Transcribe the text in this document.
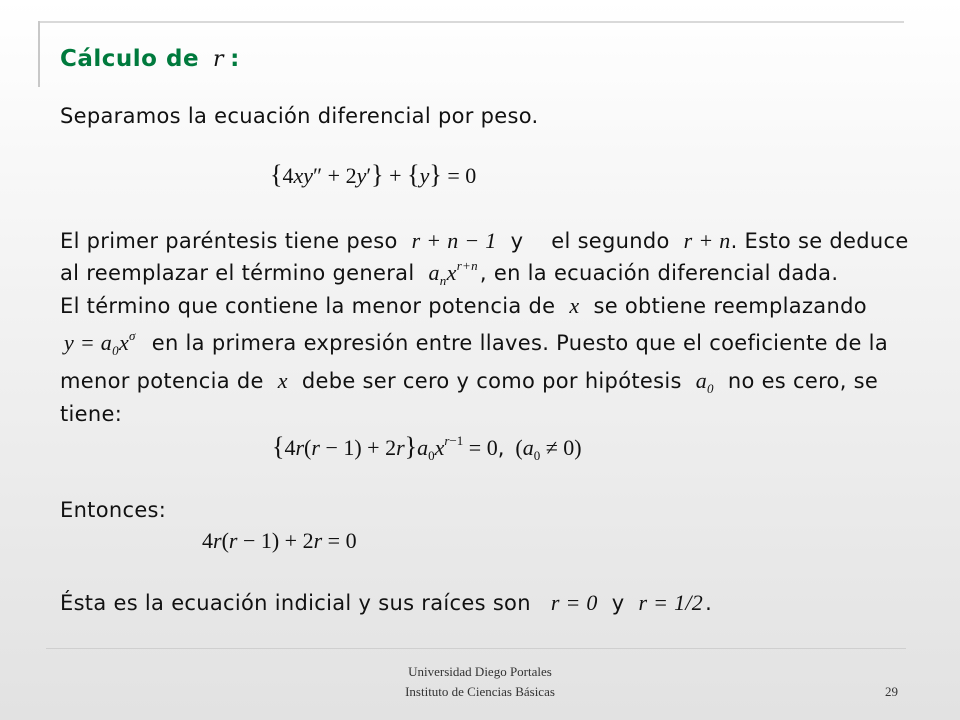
Cálculo de r :
Separamos la ecuación diferencial por peso.
{4xy″ + 2y′} + {y} = 0
El primer paréntesis tiene peso r + n − 1 y el segundo r + n. Esto se deduce
al reemplazar el término general $a_nx^{r+n}$, en la ecuación diferencial dada.
El término que contiene la menor potencia de x se obtiene reemplazando
$y = a_0x^\sigma$ en la primera expresión entre llaves. Puesto que el coeficiente de la
menor potencia de x debe ser cero y como por hipótesis $a_0$ no es cero, se
tiene:
$\{4r(r - 1) + 2r\}a_0x^{r-1} = 0$,  $(a_0 \ne 0)$
Entonces:
4r(r − 1) + 2r = 0
Ésta es la ecuación indicial y sus raíces son r = 0 y r = 1/2.
Universidad Diego Portales
Instituto de Ciencias Básicas	29
